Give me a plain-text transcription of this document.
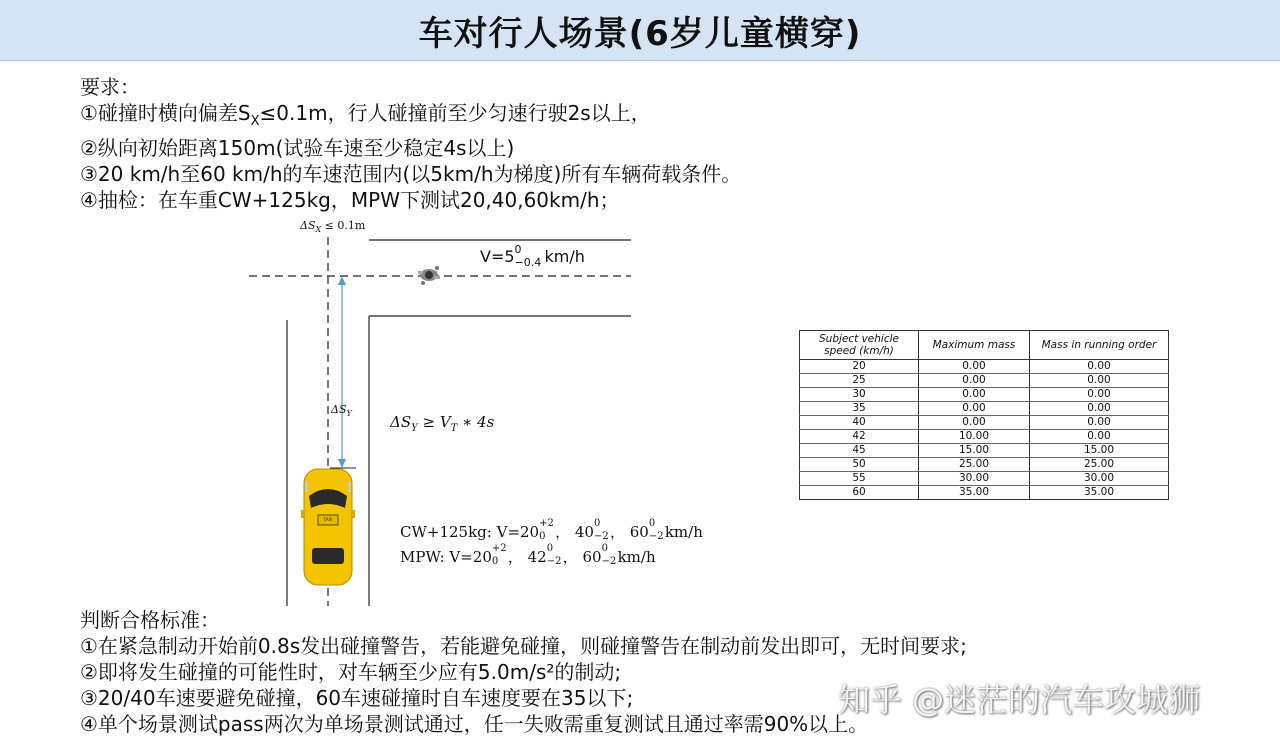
车对行人场景(6岁儿童横穿)
要求：
①碰撞时横向偏差$S_X\le 0.1m$，行人碰撞前至少匀速行驶2s以上，
②纵向初始距离150m(试验车速至少稳定4s以上)
③20 km/h至60 km/h的车速范围内(以5km/h为梯度)所有车辆荷载条件。
④抽检：在车重CW+125kg，MPW下测试20,40,60km/h；
$\Delta S_X \le 0.1m$
V=5 0
−0.4 km/h
$\Delta S_Y$	$\Delta S_Y \ge V_T$ ∗ 4s
CW+125kg: V=20 +2
0 ， 40 0
−2 ， 60 0
−2 km/h
MPW: V=20 +2
0 ， 42 0
−2 ， 60 0
−2 km/h
TAXI
Subject vehicle speed (km/h)	Maximum mass	Mass in running order
20	0.00	0.00
25	0.00	0.00
30	0.00	0.00
35	0.00	0.00
40	0.00	0.00
42	10.00	0.00
45	15.00	15.00
50	25.00	25.00
55	30.00	30.00
60	35.00	35.00
判断合格标准：
①在紧急制动开始前0.8s发出碰撞警告，若能避免碰撞，则碰撞警告在制动前发出即可，无时间要求;
②即将发生碰撞的可能性时，对车辆至少应有5.0m/s²的制动;
③20/40车速要避免碰撞，60车速碰撞时自车速度要在35以下;
④单个场景测试pass两次为单场景测试通过，任一失败需重复测试且通过率需90%以上。
知乎 @迷茫的汽车攻城狮
